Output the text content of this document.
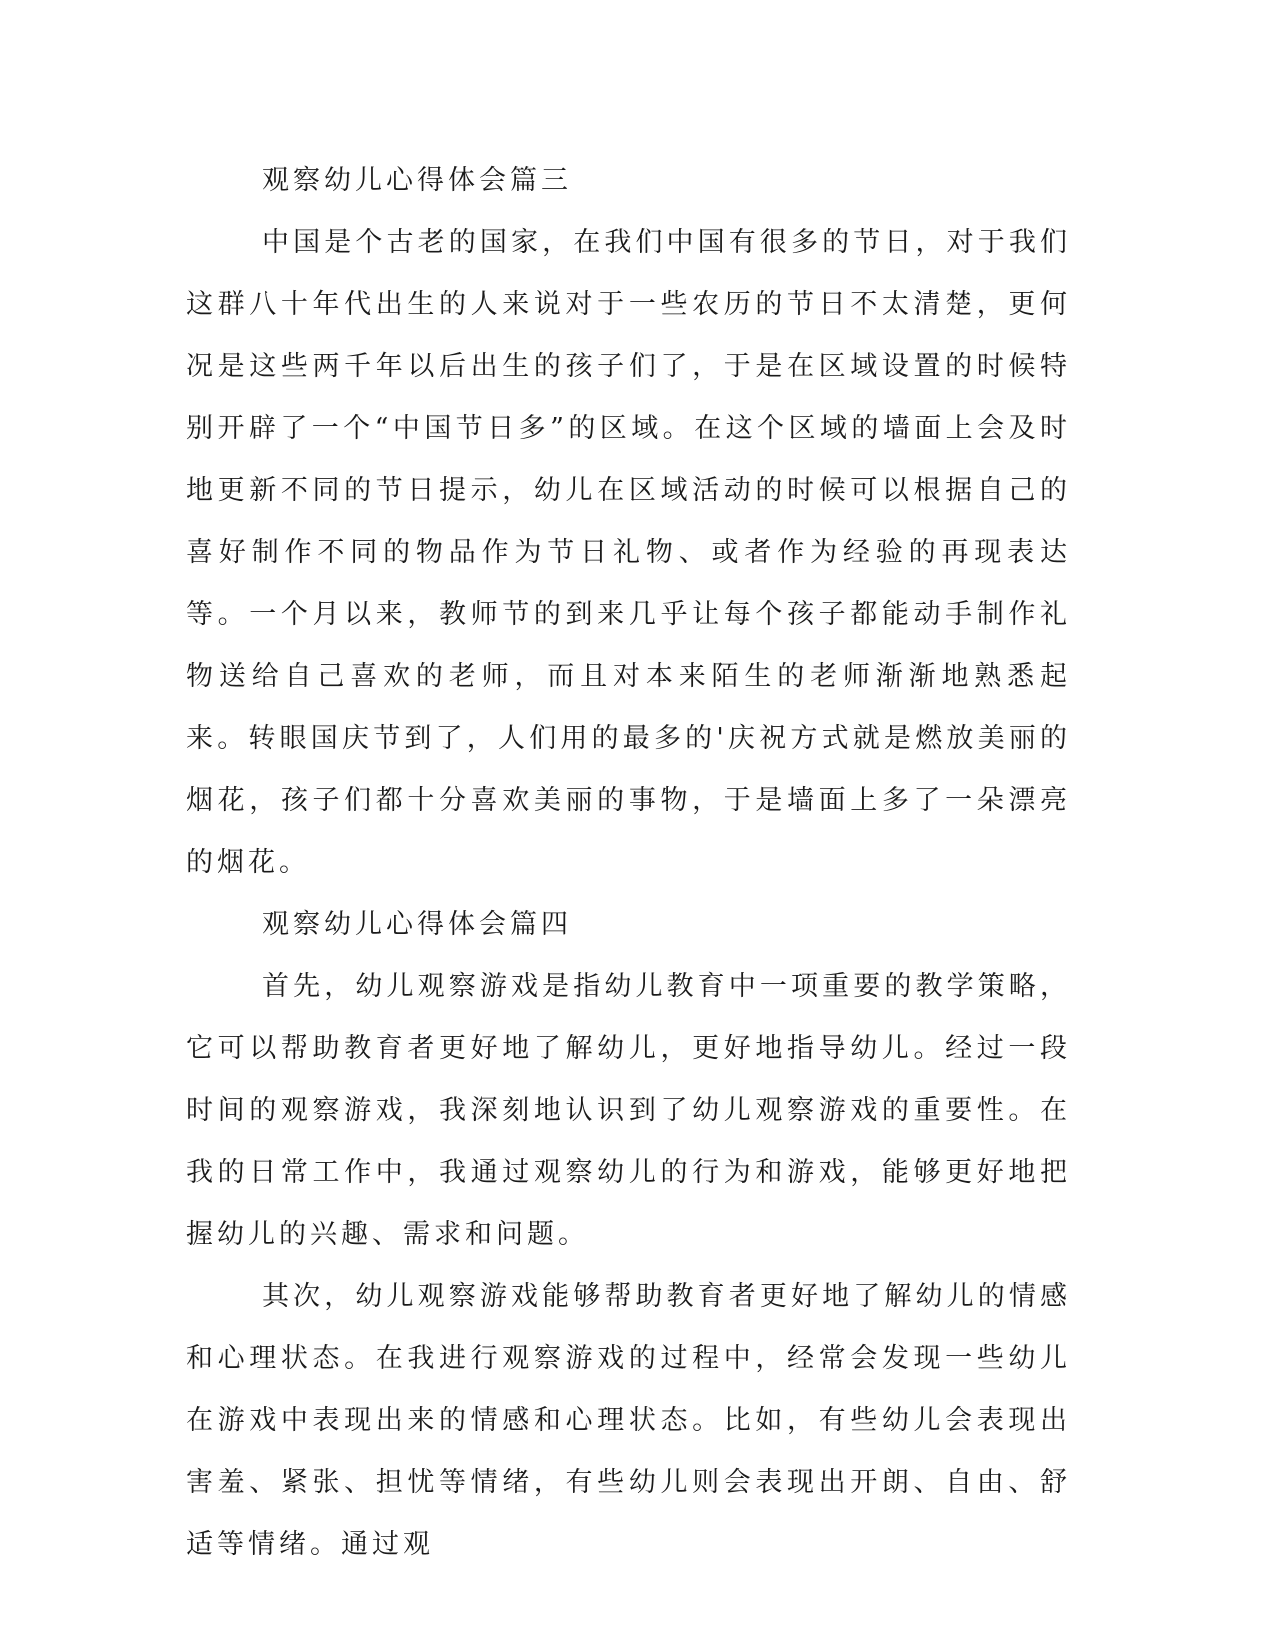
观察幼儿心得体会篇三

中国是个古老的国家，在我们中国有很多的节日，对于我们这群八十年代出生的人来说对于一些农历的节日不太清楚，更何况是这些两千年以后出生的孩子们了，于是在区域设置的时候特别开辟了一个“中国节日多”的区域。在这个区域的墙面上会及时地更新不同的节日提示，幼儿在区域活动的时候可以根据自己的喜好制作不同的物品作为节日礼物、或者作为经验的再现表达等。一个月以来，教师节的到来几乎让每个孩子都能动手制作礼物送给自己喜欢的老师，而且对本来陌生的老师渐渐地熟悉起来。转眼国庆节到了，人们用的最多的'庆祝方式就是燃放美丽的烟花，孩子们都十分喜欢美丽的事物，于是墙面上多了一朵漂亮的烟花。

观察幼儿心得体会篇四

首先，幼儿观察游戏是指幼儿教育中一项重要的教学策略，它可以帮助教育者更好地了解幼儿，更好地指导幼儿。经过一段时间的观察游戏，我深刻地认识到了幼儿观察游戏的重要性。在我的日常工作中，我通过观察幼儿的行为和游戏，能够更好地把握幼儿的兴趣、需求和问题。

其次，幼儿观察游戏能够帮助教育者更好地了解幼儿的情感和心理状态。在我进行观察游戏的过程中，经常会发现一些幼儿在游戏中表现出来的情感和心理状态。比如，有些幼儿会表现出害羞、紧张、担忧等情绪，有些幼儿则会表现出开朗、自由、舒适等情绪。通过观
